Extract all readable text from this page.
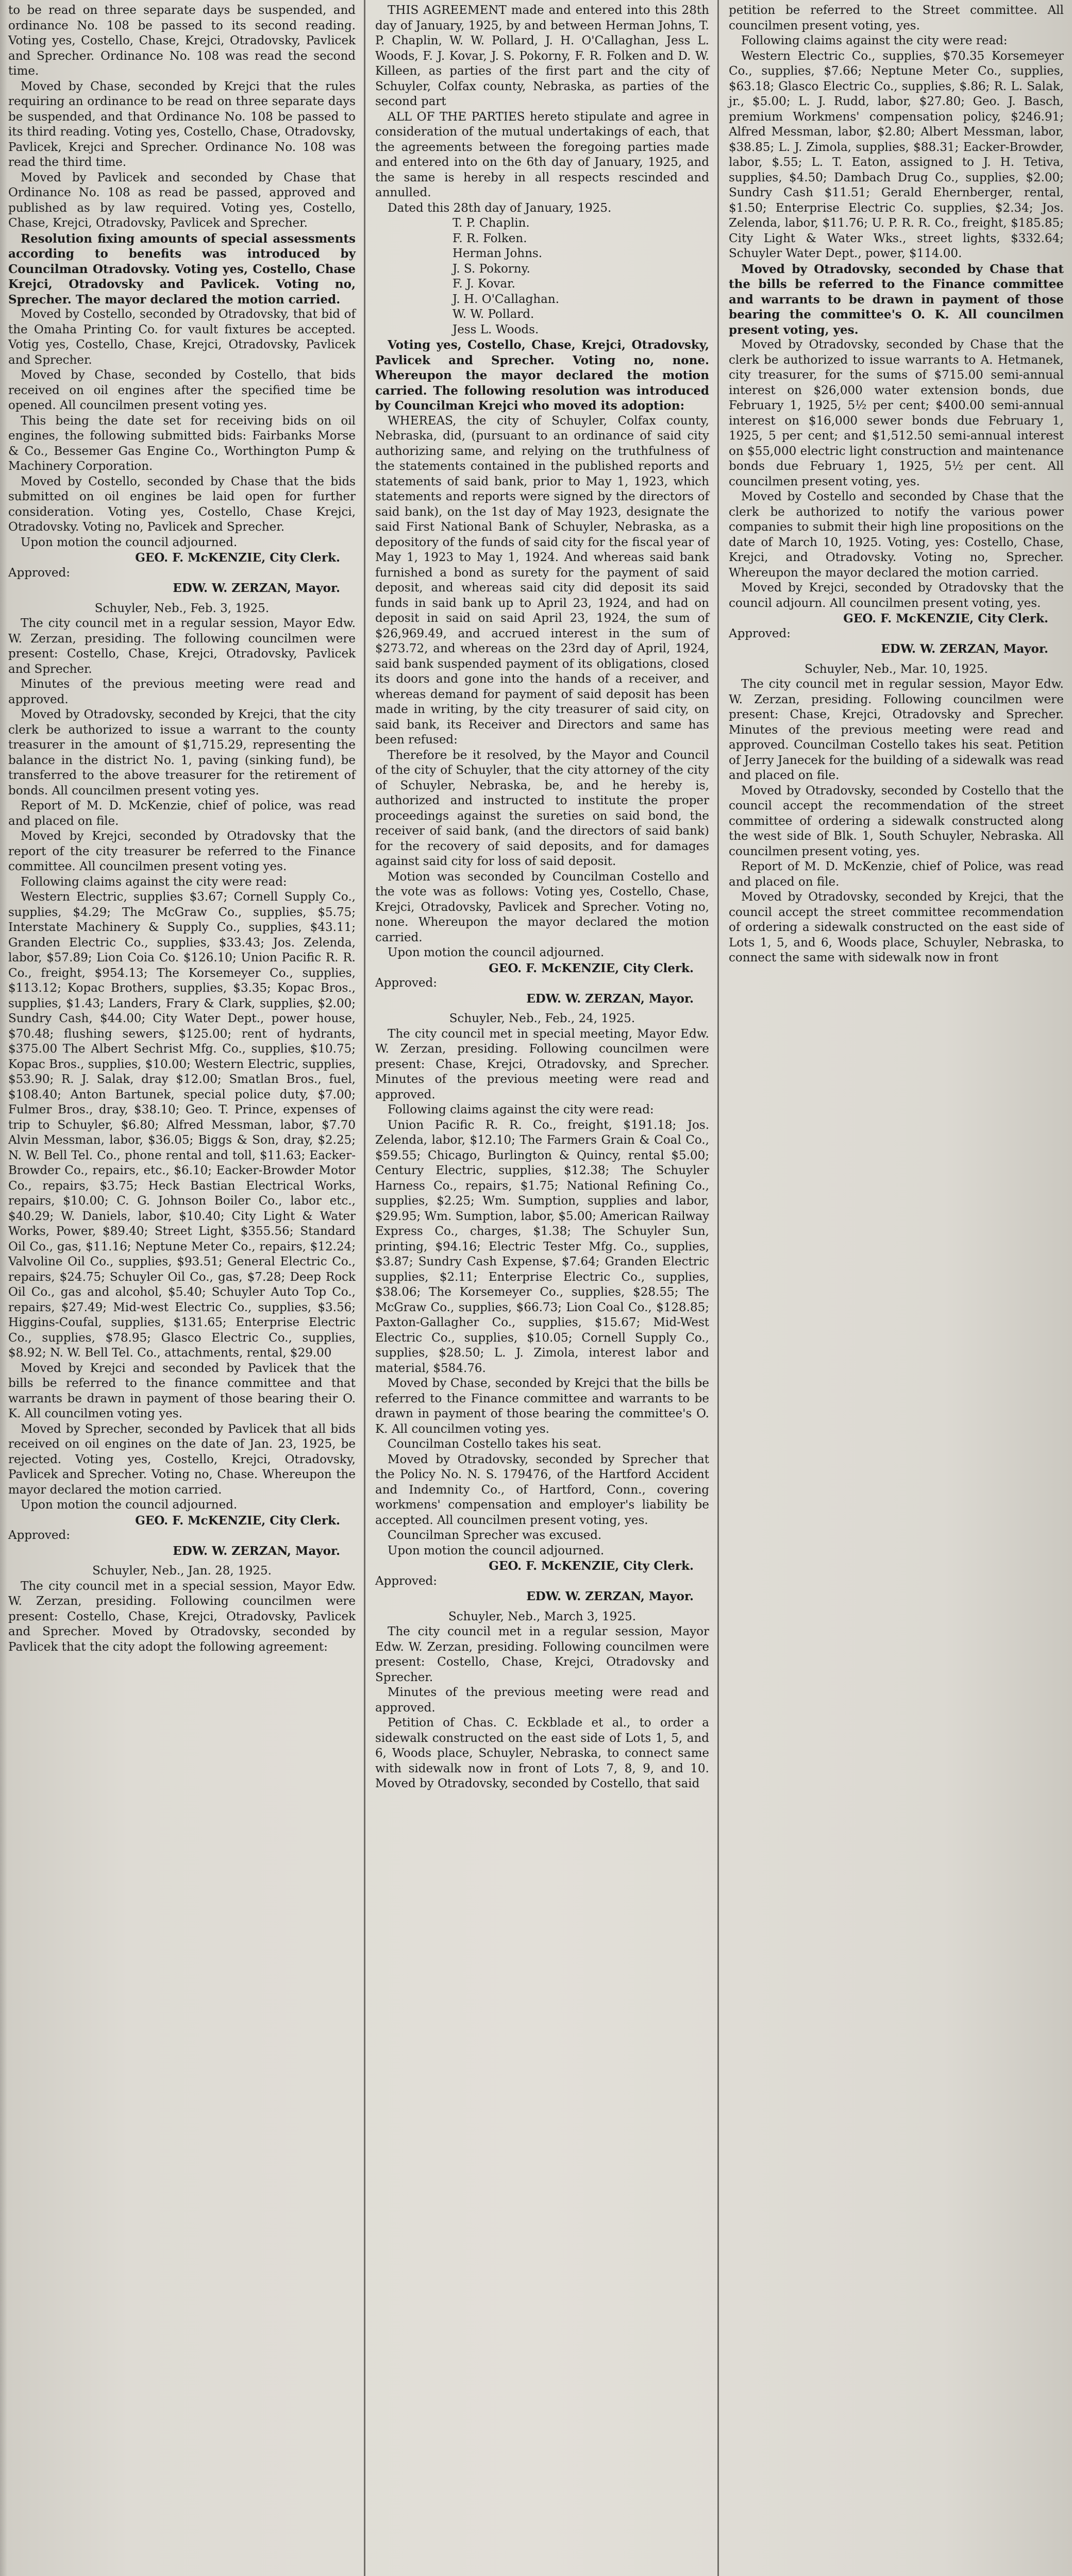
to be read on three separate days be suspended, and ordinance No. 108 be passed to its second reading. Voting yes, Costello, Chase, Krejci, Otradovsky, Pavlicek and Sprecher. Ordinance No. 108 was read the second time.

Moved by Chase, seconded by Krejci that the rules requiring an ordinance to be read on three separate days be suspended, and that Ordinance No. 108 be passed to its third reading. Voting yes, Costello, Chase, Otradovsky, Pavlicek, Krejci and Sprecher. Ordinance No. 108 was read the third time.

Moved by Pavlicek and seconded by Chase that Ordinance No. 108 as read be passed, approved and published as by law required. Voting yes, Costello, Chase, Krejci, Otradovsky, Pavlicek and Sprecher.

Resolution fixing amounts of special assessments according to benefits was introduced by Councilman Otradovsky. Voting yes, Costello, Chase Krejci, Otradovsky and Pavlicek. Voting no, Sprecher. The mayor declared the motion carried.

Moved by Costello, seconded by Otradovsky, that bid of the Omaha Printing Co. for vault fixtures be accepted. Votig yes, Costello, Chase, Krejci, Otradovsky, Pavlicek and Sprecher.

Moved by Chase, seconded by Costello, that bids received on oil engines after the specified time be opened. All councilmen present voting yes.

This being the date set for receiving bids on oil engines, the following submitted bids: Fairbanks Morse & Co., Bessemer Gas Engine Co., Worthington Pump & Machinery Corporation.

Moved by Costello, seconded by Chase that the bids submitted on oil engines be laid open for further consideration. Voting yes, Costello, Chase Krejci, Otradovsky. Voting no, Pavlicek and Sprecher.

Upon motion the council adjourned.

GEO. F. McKENZIE, City Clerk.

Approved:

EDW. W. ZERZAN, Mayor.

Schuyler, Neb., Feb. 3, 1925.

The city council met in a regular session, Mayor Edw. W. Zerzan, presiding. The following councilmen were present: Costello, Chase, Krejci, Otradovsky, Pavlicek and Sprecher.

Minutes of the previous meeting were read and approved.

Moved by Otradovsky, seconded by Krejci, that the city clerk be authorized to issue a warrant to the county treasurer in the amount of $1,715.29, representing the balance in the district No. 1, paving (sinking fund), be transferred to the above treasurer for the retirement of bonds. All councilmen present voting yes.

Report of M. D. McKenzie, chief of police, was read and placed on file.

Moved by Krejci, seconded by Otradovsky that the report of the city treasurer be referred to the Finance committee. All councilmen present voting yes.

Following claims against the city were read:

Western Electric, supplies $3.67; Cornell Supply Co., supplies, $4.29; The McGraw Co., supplies, $5.75; Interstate Machinery & Supply Co., supplies, $43.11; Granden Electric Co., supplies, $33.43; Jos. Zelenda, labor, $57.89; Lion Coia Co. $126.10; Union Pacific R. R. Co., freight, $954.13; The Korsemeyer Co., supplies, $113.12; Kopac Brothers, supplies, $3.35; Kopac Bros., supplies, $1.43; Landers, Frary & Clark, supplies, $2.00; Sundry Cash, $44.00; City Water Dept., power house, $70.48; flushing sewers, $125.00; rent of hydrants, $375.00 The Albert Sechrist Mfg. Co., supplies, $10.75; Kopac Bros., supplies, $10.00; Western Electric, supplies, $53.90; R. J. Salak, dray $12.00; Smatlan Bros., fuel, $108.40; Anton Bartunek, special police duty, $7.00; Fulmer Bros., dray, $38.10; Geo. T. Prince, expenses of trip to Schuyler, $6.80; Alfred Messman, labor, $7.70 Alvin Messman, labor, $36.05; Biggs & Son, dray, $2.25; N. W. Bell Tel. Co., phone rental and toll, $11.63; Eacker-Browder Co., repairs, etc., $6.10; Eacker-Browder Motor Co., repairs, $3.75; Heck Bastian Electrical Works, repairs, $10.00; C. G. Johnson Boiler Co., labor etc., $40.29; W. Daniels, labor, $10.40; City Light & Water Works, Power, $89.40; Street Light, $355.56; Standard Oil Co., gas, $11.16; Neptune Meter Co., repairs, $12.24; Valvoline Oil Co., supplies, $93.51; General Electric Co., repairs, $24.75; Schuyler Oil Co., gas, $7.28; Deep Rock Oil Co., gas and alcohol, $5.40; Schuyler Auto Top Co., repairs, $27.49; Mid-west Electric Co., supplies, $3.56; Higgins-Coufal, supplies, $131.65; Enterprise Electric Co., supplies, $78.95; Glasco Electric Co., supplies, $8.92; N. W. Bell Tel. Co., attachments, rental, $29.00

Moved by Krejci and seconded by Pavlicek that the bills be referred to the finance committee and that warrants be drawn in payment of those bearing their O. K. All councilmen voting yes.

Moved by Sprecher, seconded by Pavlicek that all bids received on oil engines on the date of Jan. 23, 1925, be rejected. Voting yes, Costello, Krejci, Otradovsky, Pavlicek and Sprecher. Voting no, Chase. Whereupon the mayor declared the motion carried.

Upon motion the council adjourned.

GEO. F. McKENZIE, City Clerk.

Approved:

EDW. W. ZERZAN, Mayor.

Schuyler, Neb., Jan. 28, 1925.

The city council met in a special session, Mayor Edw. W. Zerzan, presiding. Following councilmen were present: Costello, Chase, Krejci, Otradovsky, Pavlicek and Sprecher. Moved by Otradovsky, seconded by Pavlicek that the city adopt the following agreement:

THIS AGREEMENT made and entered into this 28th day of January, 1925, by and between Herman Johns, T. P. Chaplin, W. W. Pollard, J. H. O'Callaghan, Jess L. Woods, F. J. Kovar, J. S. Pokorny, F. R. Folken and D. W. Killeen, as parties of the first part and the city of Schuyler, Colfax county, Nebraska, as parties of the second part

ALL OF THE PARTIES hereto stipulate and agree in consideration of the mutual undertakings of each, that the agreements between the foregoing parties made and entered into on the 6th day of January, 1925, and the same is hereby in all respects rescinded and annulled.

Dated this 28th day of January, 1925.

T. P. Chaplin.

F. R. Folken.

Herman Johns.

J. S. Pokorny.

F. J. Kovar.

J. H. O'Callaghan.

W. W. Pollard.

Jess L. Woods.

Voting yes, Costello, Chase, Krejci, Otradovsky, Pavlicek and Sprecher. Voting no, none. Whereupon the mayor declared the motion carried. The following resolution was introduced by Councilman Krejci who moved its adoption:

WHEREAS, the city of Schuyler, Colfax county, Nebraska, did, (pursuant to an ordinance of said city authorizing same, and relying on the truthfulness of the statements contained in the published reports and statements of said bank, prior to May 1, 1923, which statements and reports were signed by the directors of said bank), on the 1st day of May 1923, designate the said First National Bank of Schuyler, Nebraska, as a depository of the funds of said city for the fiscal year of May 1, 1923 to May 1, 1924. And whereas said bank furnished a bond as surety for the payment of said deposit, and whereas said city did deposit its said funds in said bank up to April 23, 1924, and had on deposit in said on said April 23, 1924, the sum of $26,969.49, and accrued interest in the sum of $273.72, and whereas on the 23rd day of April, 1924, said bank suspended payment of its obligations, closed its doors and gone into the hands of a receiver, and whereas demand for payment of said deposit has been made in writing, by the city treasurer of said city, on said bank, its Receiver and Directors and same has been refused:

Therefore be it resolved, by the Mayor and Council of the city of Schuyler, that the city attorney of the city of Schuyler, Nebraska, be, and he hereby is, authorized and instructed to institute the proper proceedings against the sureties on said bond, the receiver of said bank, (and the directors of said bank) for the recovery of said deposits, and for damages against said city for loss of said deposit.

Motion was seconded by Councilman Costello and the vote was as follows: Voting yes, Costello, Chase, Krejci, Otradovsky, Pavlicek and Sprecher. Voting no, none. Whereupon the mayor declared the motion carried.

Upon motion the council adjourned.

GEO. F. McKENZIE, City Clerk.

Approved:

EDW. W. ZERZAN, Mayor.

Schuyler, Neb., Feb., 24, 1925.

The city council met in special meeting, Mayor Edw. W. Zerzan, presiding. Following councilmen were present: Chase, Krejci, Otradovsky, and Sprecher. Minutes of the previous meeting were read and approved.

Following claims against the city were read:

Union Pacific R. R. Co., freight, $191.18; Jos. Zelenda, labor, $12.10; The Farmers Grain & Coal Co., $59.55; Chicago, Burlington & Quincy, rental $5.00; Century Electric, supplies, $12.38; The Schuyler Harness Co., repairs, $1.75; National Refining Co., supplies, $2.25; Wm. Sumption, supplies and labor, $29.95; Wm. Sumption, labor, $5.00; American Railway Express Co., charges, $1.38; The Schuyler Sun, printing, $94.16; Electric Tester Mfg. Co., supplies, $3.87; Sundry Cash Expense, $7.64; Granden Electric supplies, $2.11; Enterprise Electric Co., supplies, $38.06; The Korsemeyer Co., supplies, $28.55; The McGraw Co., supplies, $66.73; Lion Coal Co., $128.85; Paxton-Gallagher Co., supplies, $15.67; Mid-West Electric Co., supplies, $10.05; Cornell Supply Co., supplies, $28.50; L. J. Zimola, interest labor and material, $584.76.

Moved by Chase, seconded by Krejci that the bills be referred to the Finance committee and warrants to be drawn in payment of those bearing the committee's O. K. All councilmen voting yes.

Councilman Costello takes his seat.

Moved by Otradovsky, seconded by Sprecher that the Policy No. N. S. 179476, of the Hartford Accident and Indemnity Co., of Hartford, Conn., covering workmens' compensation and employer's liability be accepted. All councilmen present voting, yes.

Councilman Sprecher was excused.

Upon motion the council adjourned.

GEO. F. McKENZIE, City Clerk.

Approved:

EDW. W. ZERZAN, Mayor.

Schuyler, Neb., March 3, 1925.

The city council met in a regular session, Mayor Edw. W. Zerzan, presiding. Following councilmen were present: Costello, Chase, Krejci, Otradovsky and Sprecher.

Minutes of the previous meeting were read and approved.

Petition of Chas. C. Eckblade et al., to order a sidewalk constructed on the east side of Lots 1, 5, and 6, Woods place, Schuyler, Nebraska, to connect same with sidewalk now in front of Lots 7, 8, 9, and 10. Moved by Otradovsky, seconded by Costello, that said

petition be referred to the Street committee. All councilmen present voting, yes.

Following claims against the city were read:

Western Electric Co., supplies, $70.35 Korsemeyer Co., supplies, $7.66; Neptune Meter Co., supplies, $63.18; Glasco Electric Co., supplies, $.86; R. L. Salak, jr., $5.00; L. J. Rudd, labor, $27.80; Geo. J. Basch, premium Workmens' compensation policy, $246.91; Alfred Messman, labor, $2.80; Albert Messman, labor, $38.85; L. J. Zimola, supplies, $88.31; Eacker-Browder, labor, $.55; L. T. Eaton, assigned to J. H. Tetiva, supplies, $4.50; Dambach Drug Co., supplies, $2.00; Sundry Cash $11.51; Gerald Ehernberger, rental, $1.50; Enterprise Electric Co. supplies, $2.34; Jos. Zelenda, labor, $11.76; U. P. R. R. Co., freight, $185.85; City Light & Water Wks., street lights, $332.64; Schuyler Water Dept., power, $114.00.

Moved by Otradovsky, seconded by Chase that the bills be referred to the Finance committee and warrants to be drawn in payment of those bearing the committee's O. K. All councilmen present voting, yes.

Moved by Otradovsky, seconded by Chase that the clerk be authorized to issue warrants to A. Hetmanek, city treasurer, for the sums of $715.00 semi-annual interest on $26,000 water extension bonds, due February 1, 1925, 5½ per cent; $400.00 semi-annual interest on $16,000 sewer bonds due February 1, 1925, 5 per cent; and $1,512.50 semi-annual interest on $55,000 electric light construction and maintenance bonds due February 1, 1925, 5½ per cent. All councilmen present voting, yes.

Moved by Costello and seconded by Chase that the clerk be authorized to notify the various power companies to submit their high line propositions on the date of March 10, 1925. Voting, yes: Costello, Chase, Krejci, and Otradovsky. Voting no, Sprecher. Whereupon the mayor declared the motion carried.

Moved by Krejci, seconded by Otradovsky that the council adjourn. All councilmen present voting, yes.

GEO. F. McKENZIE, City Clerk.

Approved:

EDW. W. ZERZAN, Mayor.

Schuyler, Neb., Mar. 10, 1925.

The city council met in regular session, Mayor Edw. W. Zerzan, presiding. Following councilmen were present: Chase, Krejci, Otradovsky and Sprecher. Minutes of the previous meeting were read and approved. Councilman Costello takes his seat. Petition of Jerry Janecek for the building of a sidewalk was read and placed on file.

Moved by Otradovsky, seconded by Costello that the council accept the recommendation of the street committee of ordering a sidewalk constructed along the west side of Blk. 1, South Schuyler, Nebraska. All councilmen present voting, yes.

Report of M. D. McKenzie, chief of Police, was read and placed on file.

Moved by Otradovsky, seconded by Krejci, that the council accept the street committee recommendation of ordering a sidewalk constructed on the east side of Lots 1, 5, and 6, Woods place, Schuyler, Nebraska, to connect the same with sidewalk now in front
